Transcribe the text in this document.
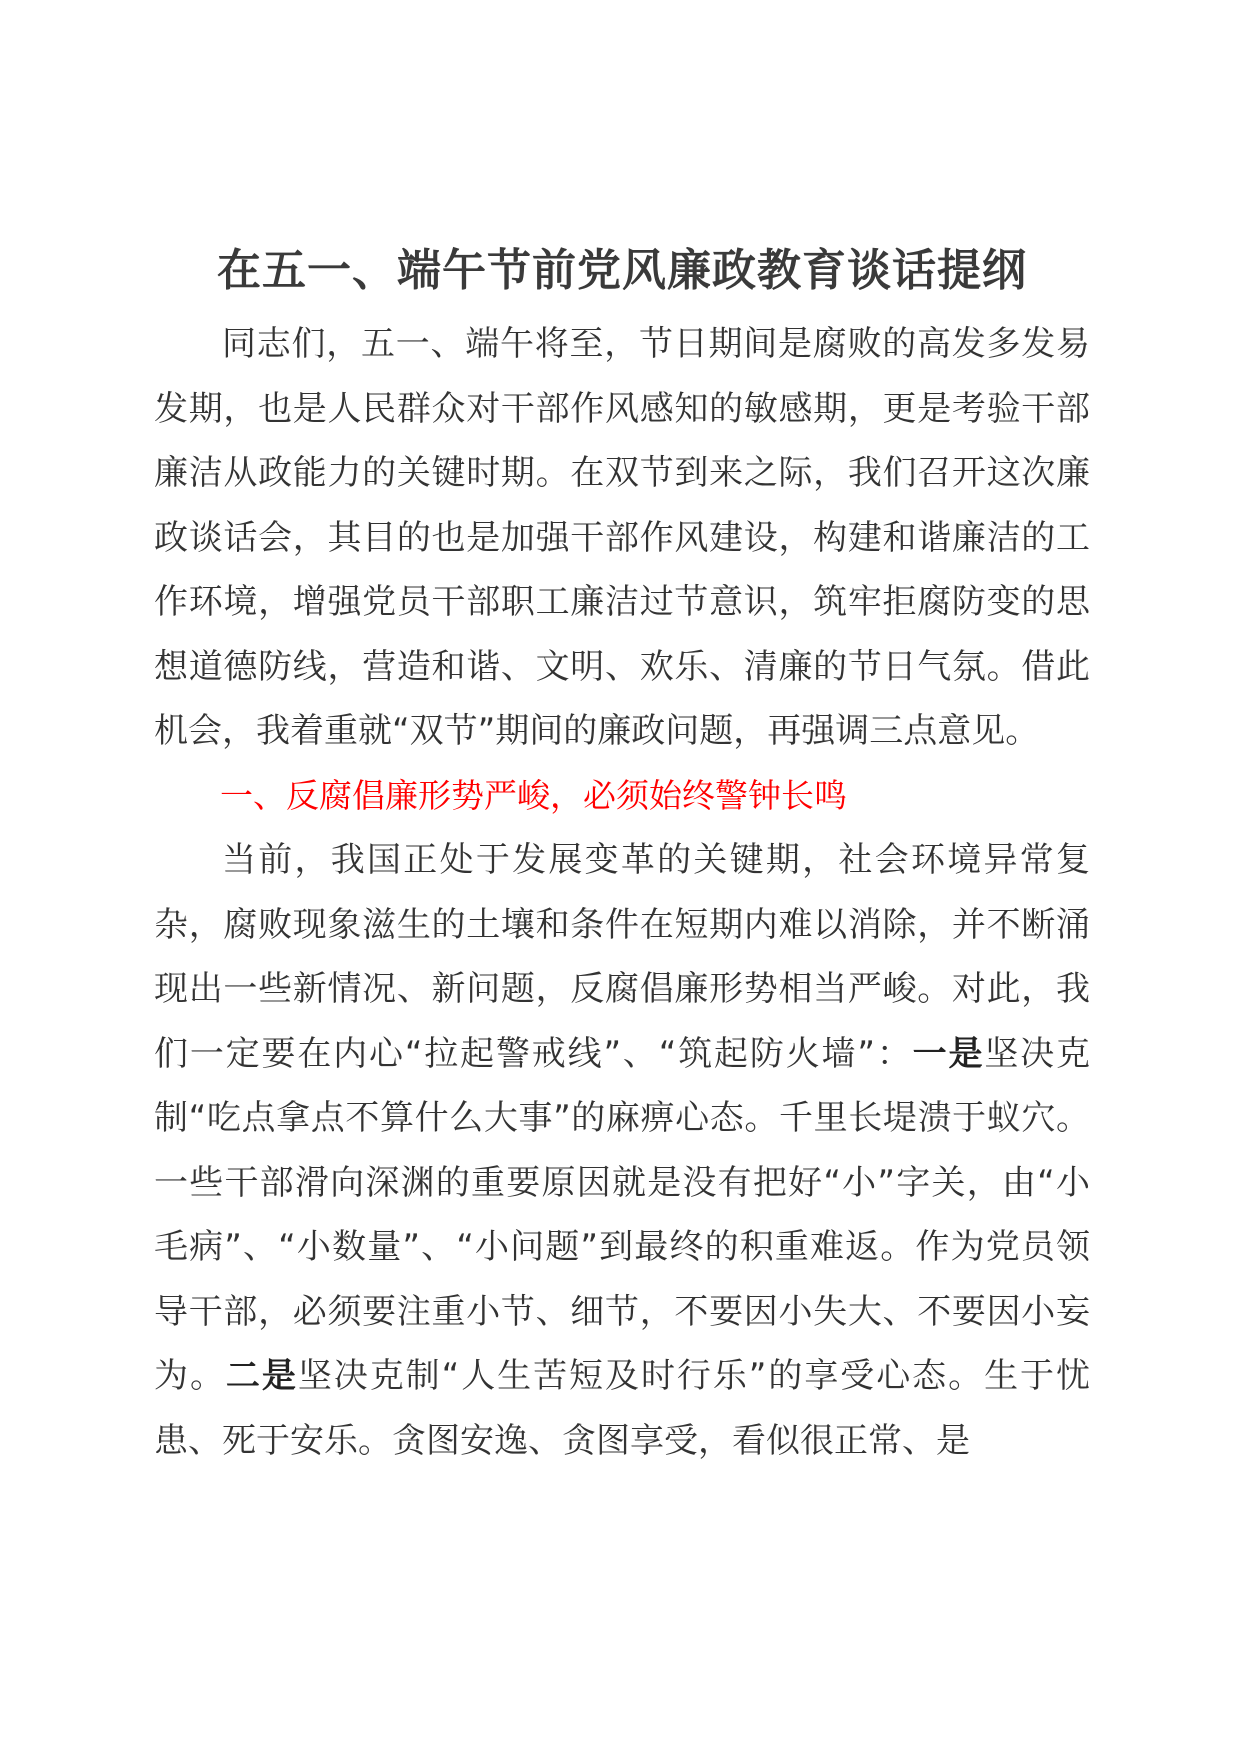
在五一、端午节前党风廉政教育谈话提纲

同志们，五一、端午将至，节日期间是腐败的高发多发易发期，也是人民群众对干部作风感知的敏感期，更是考验干部廉洁从政能力的关键时期。在双节到来之际，我们召开这次廉政谈话会，其目的也是加强干部作风建设，构建和谐廉洁的工作环境，增强党员干部职工廉洁过节意识，筑牢拒腐防变的思想道德防线，营造和谐、文明、欢乐、清廉的节日气氛。借此机会，我着重就“双节”期间的廉政问题，再强调三点意见。

一、反腐倡廉形势严峻，必须始终警钟长鸣

当前，我国正处于发展变革的关键期，社会环境异常复杂，腐败现象滋生的土壤和条件在短期内难以消除，并不断涌现出一些新情况、新问题，反腐倡廉形势相当严峻。对此，我们一定要在内心“拉起警戒线”、“筑起防火墙”：一是坚决克制“吃点拿点不算什么大事”的麻痹心态。千里长堤溃于蚁穴。一些干部滑向深渊的重要原因就是没有把好“小”字关，由“小毛病”、“小数量”、“小问题”到最终的积重难返。作为党员领导干部，必须要注重小节、细节，不要因小失大、不要因小妄为。二是坚决克制“人生苦短及时行乐”的享受心态。生于忧患、死于安乐。贪图安逸、贪图享受，看似很正常、是
